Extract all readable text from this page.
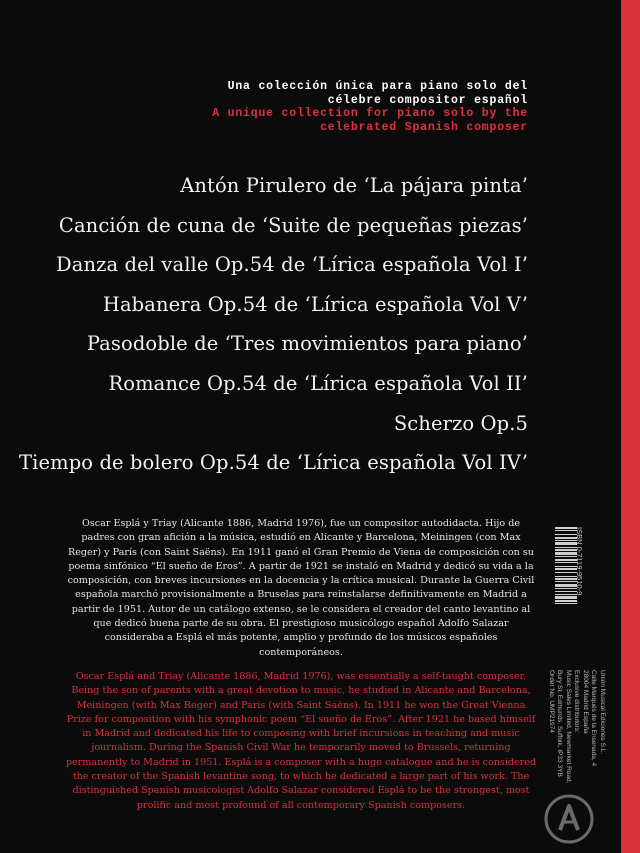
Una colección única para piano solo del
célebre compositor español
A unique collection for piano solo by the
celebrated Spanish composer
Antón Pirulero de ‘La pájara pinta’
Canción de cuna de ‘Suite de pequeñas piezas’
Danza del valle Op.54 de ‘Lírica española Vol I’
Habanera Op.54 de ‘Lírica española Vol V’
Pasodoble de ‘Tres movimientos para piano’
Romance Op.54 de ‘Lírica española Vol II’
Scherzo Op.5
Tiempo de bolero Op.54 de ‘Lírica española Vol IV’
Oscar Esplá y Triay (Alicante 1886, Madrid 1976), fue un compositor autodidacta. Hijo de padres con gran afición a la música, estudió en Alicante y Barcelona, Meiningen (con Max Reger) y París (con Saint Saëns). En 1911 ganó el Gran Premio de Viena de composición con su poema sinfónico “El sueño de Eros”. A partir de 1921 se instaló en Madrid y dedicó su vida a la composición, con breves incursiones en la docencia y la crítica musical. Durante la Guerra Civil española marchó provisionalmente a Bruselas para reinstalarse definitivamente en Madrid a partir de 1951. Autor de un catálogo extenso, se le considera el creador del canto levantino al que dedicó buena parte de su obra. El prestigioso musicólogo español Adolfo Salazar consideraba a Esplá el más potente, amplio y profundo de los músicos españoles contemporáneos.
Oscar Esplá and Triay (Alicante 1886, Madrid 1976), was essentially a self-taught composer. Being the son of parents with a great devotion to music, he studied in Alicante and Barcelona, Meiningen (with Max Reger) and Paris (with Saint Saëns). In 1911 he won the Great Vienna Prize for composition with his symphonic poem “El sueño de Eros”. After 1921 he based himself in Madrid and dedicated his life to composing with brief incursions in teaching and music journalism. During the Spanish Civil War he temporarily moved to Brussels, returning permanently to Madrid in 1951. Esplá is a composer with a huge catalogue and he is considered the creator of the Spanish levantine song, to which he dedicated a large part of his work. The distinguished Spanish musicologist Adolfo Salazar considered Esplá to be the strongest, most prolific and most profound of all contemporary Spanish composers.
ISBN 0-7119-9510-9
Unión Musical Ediciones S.L.
Calle Marqués de la Ensenada, 4
28004 Madrid España
Exclusive distributors:
Music Sales Limited, Newmarket Road,
Bury St. Edmunds, Suffolk, IP33 3YB
Order No. UMP21974
